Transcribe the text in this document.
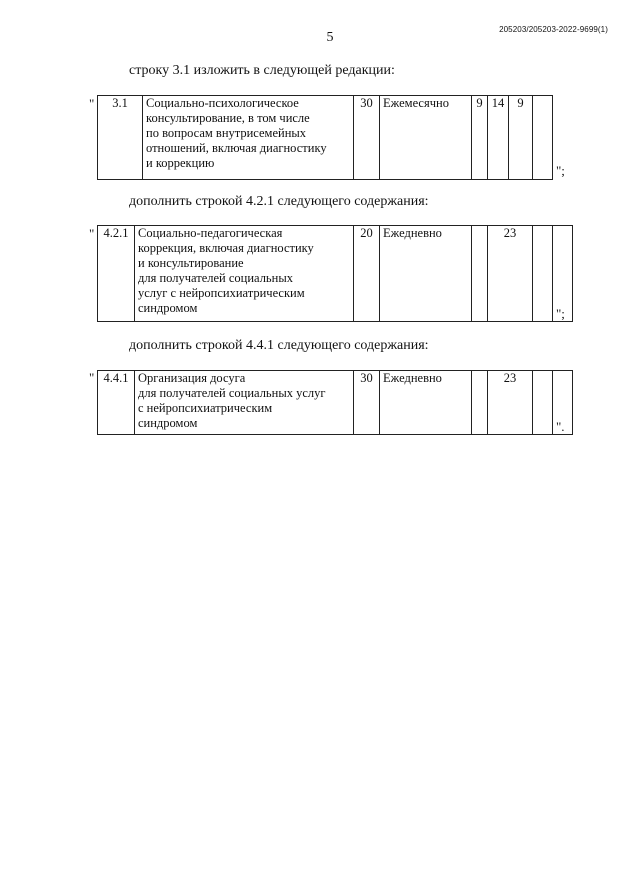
5
205203/205203-2022-9699(1)
строку 3.1 изложить в следующей редакции:
" 3.1	Социально-психологическое
консультирование, в том числе
по вопросам внутрисемейных
отношений, включая диагностику
и коррекцию
	30	Ежемесячно	9	14	9	
";
дополнить строкой 4.2.1 следующего содержания:
" 4.2.1	Социально-педагогическая
коррекция, включая диагностику
и консультирование
для получателей социальных
услуг с нейропсихиатрическим
синдромом
	20	Ежедневно		23		
";
дополнить строкой 4.4.1 следующего содержания:
" 4.4.1	Организация досуга
для получателей социальных услуг
с нейропсихиатрическим
синдромом
	30	Ежедневно		23		
".
